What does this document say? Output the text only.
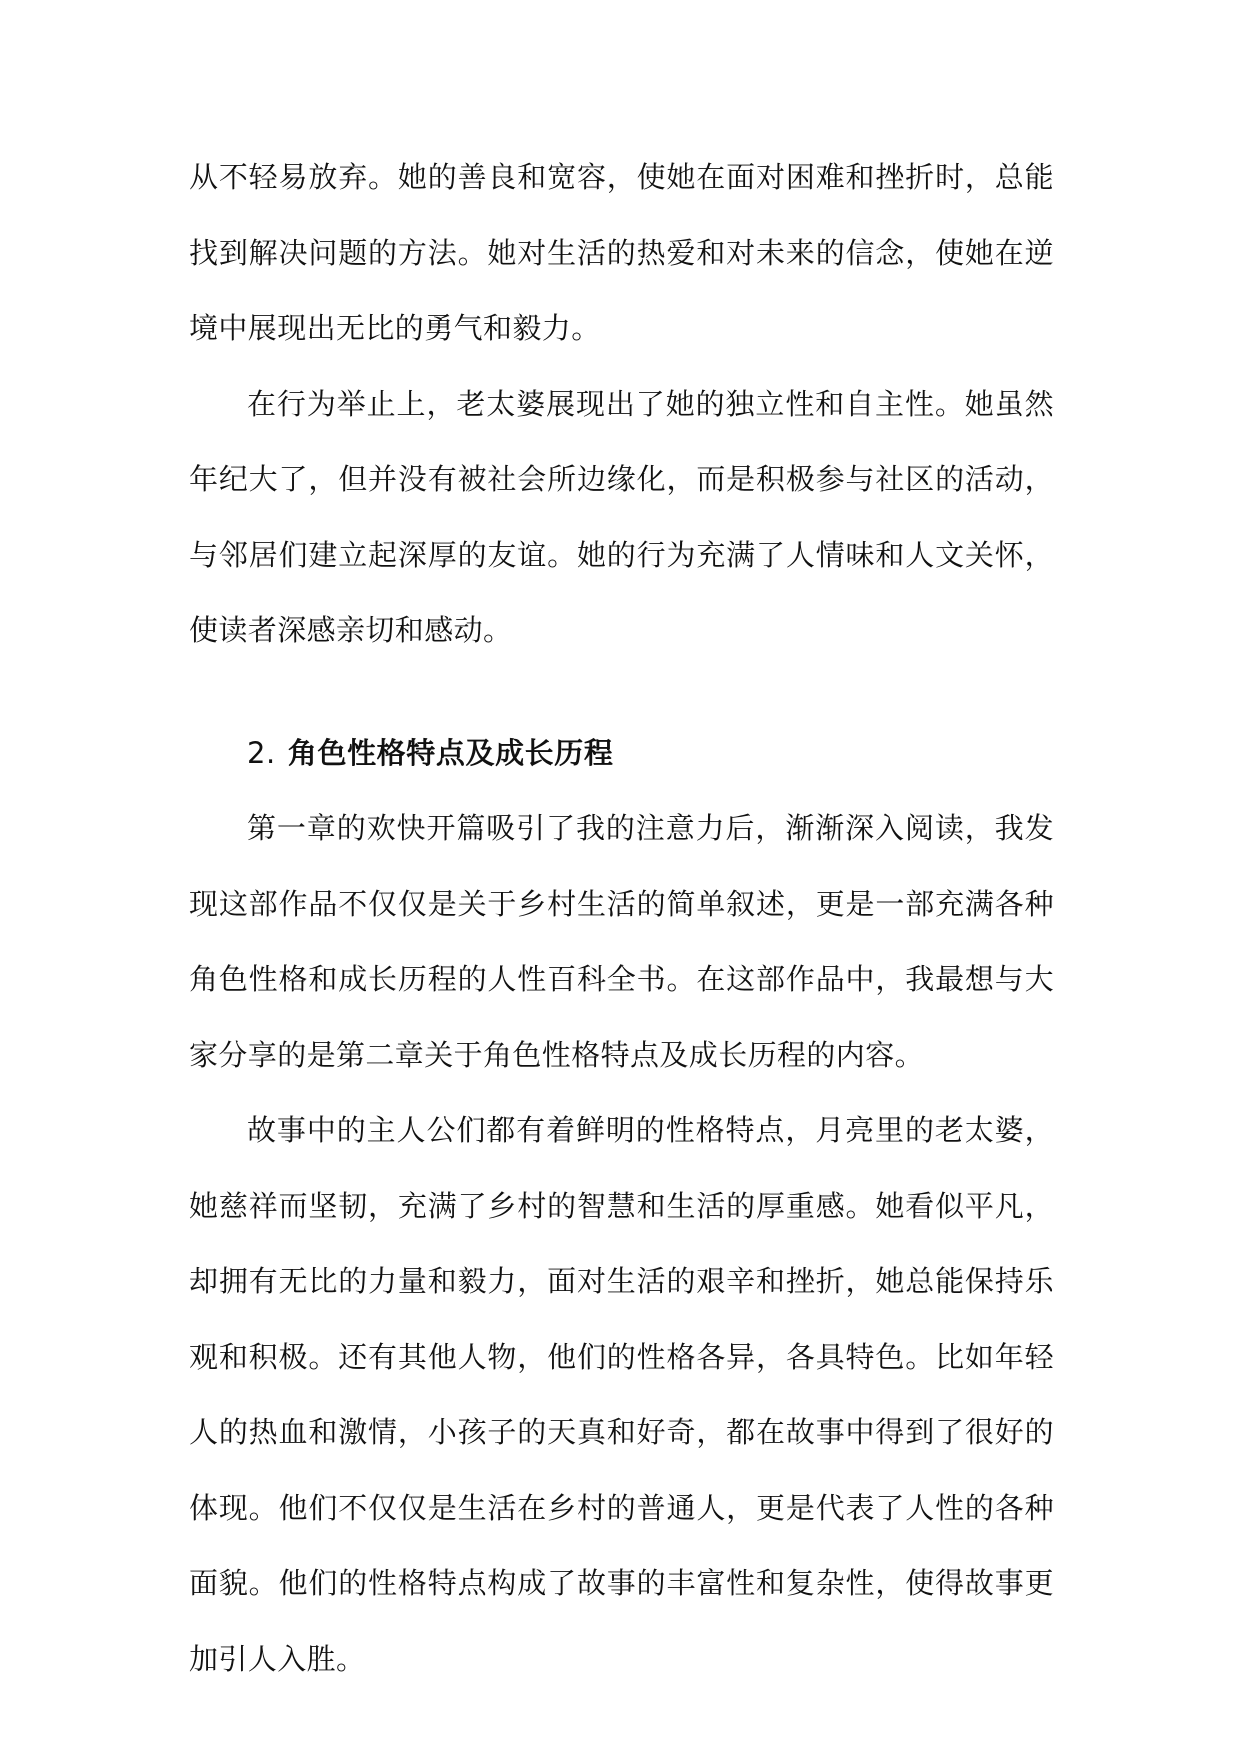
从不轻易放弃。她的善良和宽容，使她在面对困难和挫折时，总能找到解决问题的方法。她对生活的热爱和对未来的信念，使她在逆境中展现出无比的勇气和毅力。

在行为举止上，老太婆展现出了她的独立性和自主性。她虽然年纪大了，但并没有被社会所边缘化，而是积极参与社区的活动，与邻居们建立起深厚的友谊。她的行为充满了人情味和人文关怀，使读者深感亲切和感动。

2. 角色性格特点及成长历程

第一章的欢快开篇吸引了我的注意力后，渐渐深入阅读，我发现这部作品不仅仅是关于乡村生活的简单叙述，更是一部充满各种角色性格和成长历程的人性百科全书。在这部作品中，我最想与大家分享的是第二章关于角色性格特点及成长历程的内容。

故事中的主人公们都有着鲜明的性格特点，月亮里的老太婆，她慈祥而坚韧，充满了乡村的智慧和生活的厚重感。她看似平凡，却拥有无比的力量和毅力，面对生活的艰辛和挫折，她总能保持乐观和积极。还有其他人物，他们的性格各异，各具特色。比如年轻人的热血和激情，小孩子的天真和好奇，都在故事中得到了很好的体现。他们不仅仅是生活在乡村的普通人，更是代表了人性的各种面貌。他们的性格特点构成了故事的丰富性和复杂性，使得故事更加引人入胜。
